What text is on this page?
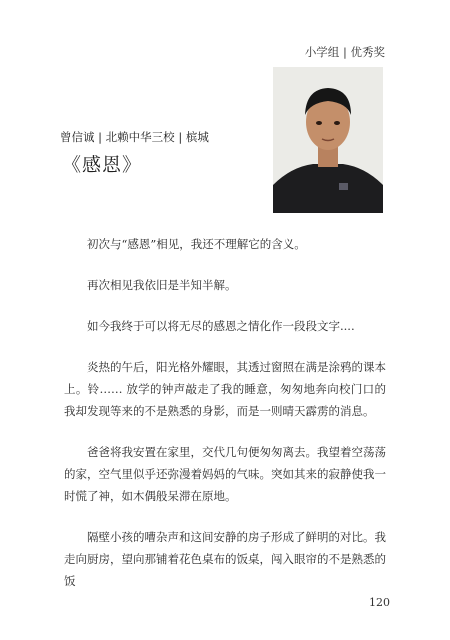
小学组 | 优秀奖
曾信诚 | 北赖中华三校 | 槟城
《感恩》

初次与“感恩”相见，我还不理解它的含义。

再次相见我依旧是半知半解。

如今我终于可以将无尽的感恩之情化作一段段文字....

炎热的午后，阳光格外耀眼，其透过窗照在满是涂鸦的课本上。铃…… 放学的钟声敲走了我的睡意，匆匆地奔向校门口的我却发现等来的不是熟悉的身影，而是一则晴天霹雳的消息。

爸爸将我安置在家里，交代几句便匆匆离去。我望着空荡荡的家，空气里似乎还弥漫着妈妈的气味。突如其来的寂静使我一时慌了神，如木偶般呆滞在原地。

隔壁小孩的嘈杂声和这间安静的房子形成了鲜明的对比。我走向厨房，望向那铺着花色桌布的饭桌，闯入眼帘的不是熟悉的饭

120
